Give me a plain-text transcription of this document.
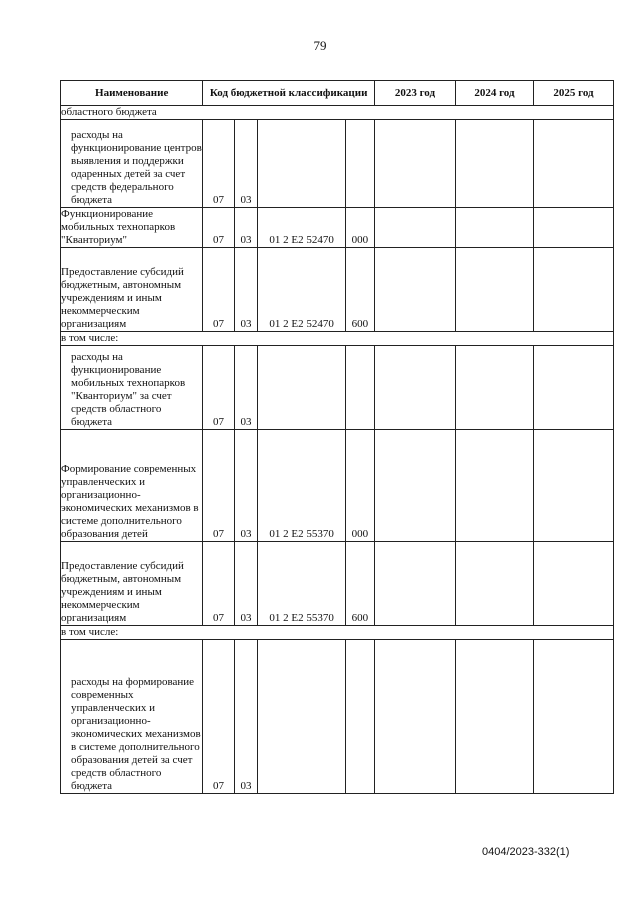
79
Наименование	Код бюджетной классификации				2023 год	2024 год	2025 год
областного бюджета							

расходы на функционирование центров выявления и поддержки одаренных детей за счет средств федерального бюджета	07	03					
Функционирование мобильных технопарков "Кванториум"	07	03	01 2 Е2 52470	000			
Предоставление субсидий бюджетным, автономным учреждениям и иным некоммерческим организациям	07	03	01 2 Е2 52470	600			
в том числе:							

расходы на функционирование мобильных технопарков "Кванториум" за счет средств областного бюджета	07	03					
Формирование современных управленческих и организационно-экономических механизмов в системе дополнительного образования детей	07	03	01 2 Е2 55370	000			
Предоставление субсидий бюджетным, автономным учреждениям и иным некоммерческим организациям	07	03	01 2 Е2 55370	600			
в том числе:							

расходы на формирование современных управленческих и организационно-экономических механизмов в системе дополнительного образования детей за счет средств областного бюджета	07	03					
0404/2023-332(1)
